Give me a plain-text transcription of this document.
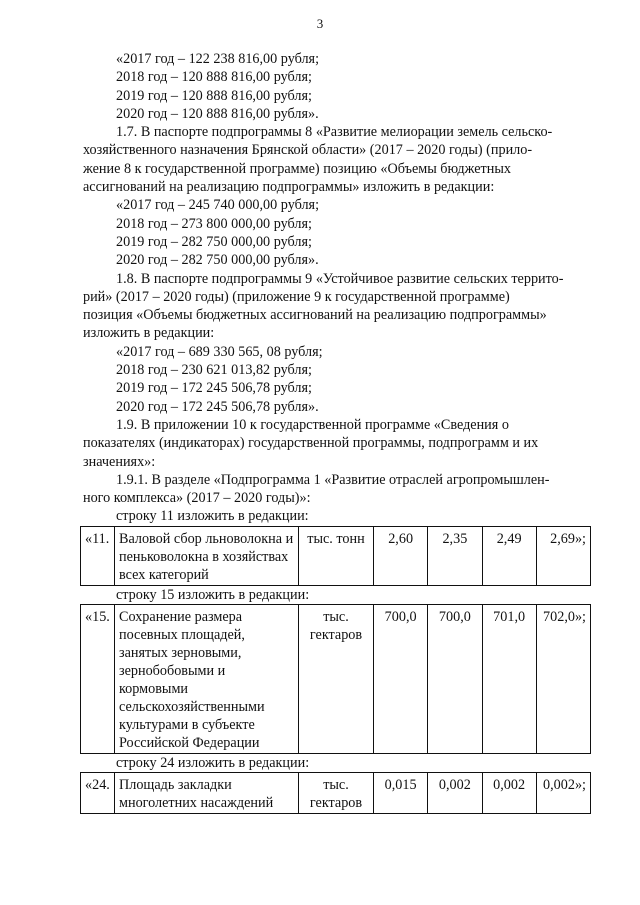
3
«2017 год – 122 238 816,00 рубля;
2018 год – 120 888 816,00 рубля;
2019 год – 120 888 816,00 рубля;
2020 год – 120 888 816,00 рубля».
1.7. В паспорте подпрограммы 8 «Развитие мелиорации земель сельско-
хозяйственного назначения Брянской области» (2017 – 2020 годы) (прило-
жение 8 к государственной программе) позицию «Объемы бюджетных
ассигнований на реализацию подпрограммы» изложить в редакции:
«2017 год – 245 740 000,00 рубля;
2018 год – 273 800 000,00 рубля;
2019 год – 282 750 000,00 рубля;
2020 год – 282 750 000,00 рубля».
1.8. В паспорте подпрограммы 9 «Устойчивое развитие сельских террито-
рий» (2017 – 2020 годы) (приложение 9 к государственной программе)
позиция «Объемы бюджетных ассигнований на реализацию подпрограммы»
изложить в редакции:
«2017 год – 689 330 565, 08 рубля;
2018 год – 230 621 013,82 рубля;
2019 год – 172 245 506,78 рубля;
2020 год – 172 245 506,78 рубля».
1.9. В приложении 10 к государственной программе «Сведения о
показателях (индикаторах) государственной программы, подпрограмм и их
значениях»:
1.9.1. В разделе «Подпрограмма 1 «Развитие отраслей агропромышлен-
ного комплекса» (2017 – 2020 годы)»:
строку 11 изложить в редакции:
«11.	Валовой сбор льноволокна и пеньковолокна в хозяйствах всех категорий	тыс. тонн	2,60	2,35	2,49	2,69»;
строку 15 изложить в редакции:
«15.	Сохранение размера посевных площадей, занятых зерновыми, зернобобовыми и кормовыми сельскохозяйственными культурами в субъекте Российской Федерации	тыс. гектаров	700,0	700,0	701,0	702,0»;
строку 24 изложить в редакции:
«24.	Площадь закладки многолетних насаждений	тыс. гектаров	0,015	0,002	0,002	0,002»;
